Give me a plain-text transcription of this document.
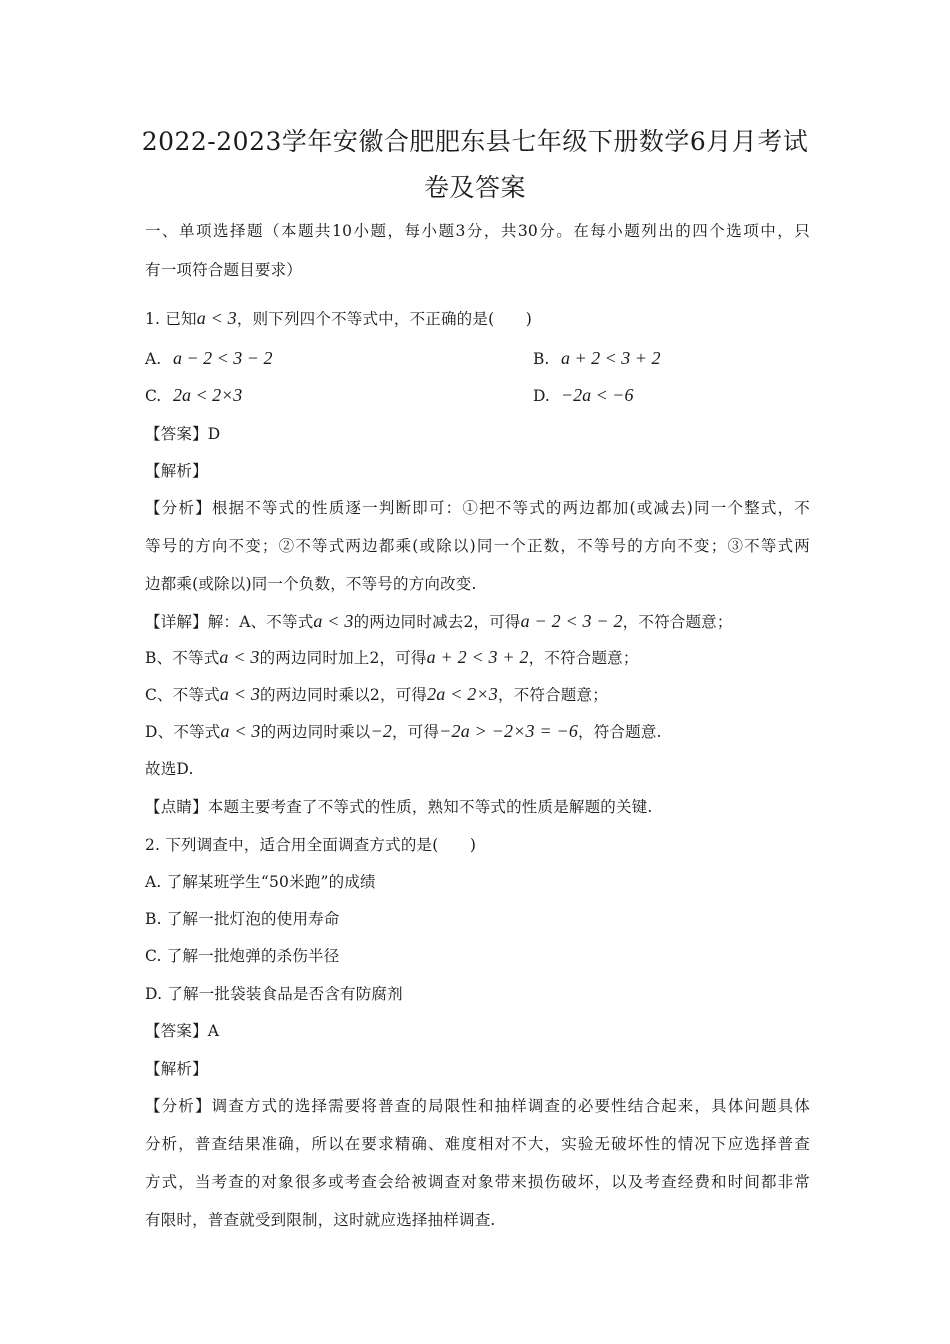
2022-2023学年安徽合肥肥东县七年级下册数学6月月考试
卷及答案
一、单项选择题（本题共10小题，每小题3分，共30分。在每小题列出的四个选项中，只
有一项符合题目要求）
1. 已知a < 3，则下列四个不等式中，不正确的是(　　)
A. a − 2 < 3 − 2	B. a + 2 < 3 + 2
C. 2a < 2×3	D. −2a < −6
【答案】D
【解析】
【分析】根据不等式的性质逐一判断即可：①把不等式的两边都加(或减去)同一个整式，不
等号的方向不变；②不等式两边都乘(或除以)同一个正数，不等号的方向不变；③不等式两
边都乘(或除以)同一个负数，不等号的方向改变.
【详解】解：A、不等式a < 3的两边同时减去2，可得a − 2 < 3 − 2，不符合题意；
B、不等式a < 3的两边同时加上2，可得a + 2 < 3 + 2，不符合题意；
C、不等式a < 3的两边同时乘以2，可得2a < 2×3，不符合题意；
D、不等式a < 3的两边同时乘以−2，可得−2a > −2×3 = −6，符合题意.
故选D.
【点睛】本题主要考查了不等式的性质，熟知不等式的性质是解题的关键.
2. 下列调查中，适合用全面调查方式的是(　　)
A. 了解某班学生“50米跑”的成绩
B. 了解一批灯泡的使用寿命
C. 了解一批炮弹的杀伤半径
D. 了解一批袋装食品是否含有防腐剂
【答案】A
【解析】
【分析】调查方式的选择需要将普查的局限性和抽样调查的必要性结合起来，具体问题具体
分析，普查结果准确，所以在要求精确、难度相对不大，实验无破坏性的情况下应选择普查
方式，当考查的对象很多或考查会给被调查对象带来损伤破坏，以及考查经费和时间都非常
有限时，普查就受到限制，这时就应选择抽样调查.
